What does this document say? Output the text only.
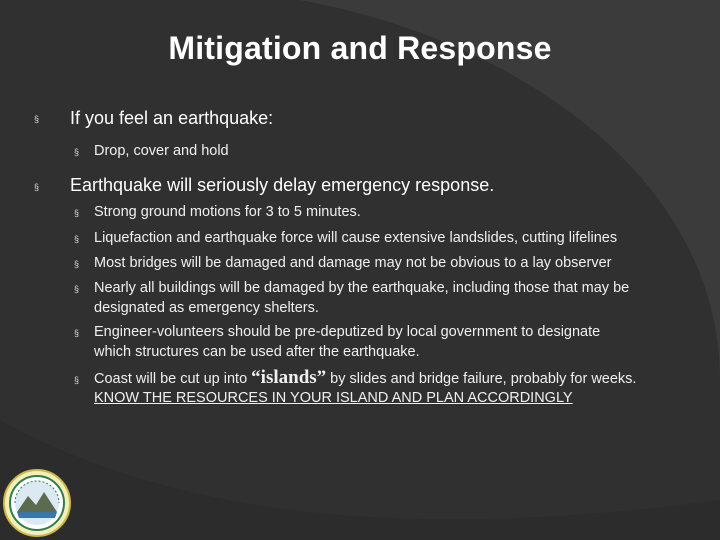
Mitigation and Response
§ If you feel an earthquake:
§ Drop, cover and hold
§ Earthquake will seriously delay emergency response.
§ Strong ground motions for 3 to 5 minutes.
§ Liquefaction and earthquake force will cause extensive landslides, cutting lifelines
§ Most bridges will be damaged and damage may not be obvious to a lay observer
§ Nearly all buildings will be damaged by the earthquake, including those that may be
designated as emergency shelters.
§ Engineer-volunteers should be pre-deputized by local government to designate
which structures can be used after the earthquake.
§ Coast will be cut up into “islands” by slides and bridge failure, probably for weeks.
KNOW THE RESOURCES IN YOUR ISLAND AND PLAN ACCORDINGLY
